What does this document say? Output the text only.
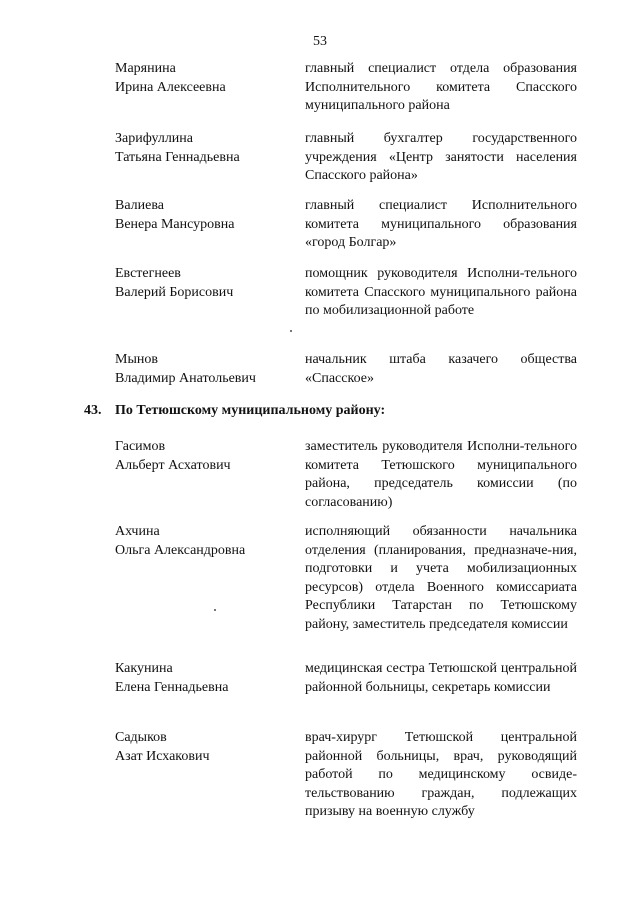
53
Марянина
Ирина Алексеевна
главный специалист отдела образования Исполнительного комитета Спасского муниципального района
Зарифуллина
Татьяна Геннадьевна
главный бухгалтер государственного учреждения «Центр занятости населения Спасского района»
Валиева
Венера Мансуровна
главный специалист Исполнительного комитета муниципального образования «город Болгар»
Евстегнеев
Валерий Борисович
помощник руководителя Исполни-тельного комитета Спасского муниципального района по мобилизационной работе
Мынов
Владимир Анатольевич
начальник штаба казачего общества «Спасское»
43. По Тетюшскому муниципальному району:
Гасимов
Альберт Асхатович
заместитель руководителя Исполни-тельного комитета Тетюшского муниципального района, председатель комиссии (по согласованию)
Ахчина
Ольга Александровна
исполняющий обязанности начальника отделения (планирования, предназначе-ния, подготовки и учета мобилизационных ресурсов) отдела Военного комиссариата Республики Татарстан по Тетюшскому району, заместитель председателя комиссии
Какунина
Елена Геннадьевна
медицинская сестра Тетюшской центральной районной больницы, секретарь комиссии
Садыков
Азат Исхакович
врач-хирург Тетюшской центральной районной больницы, врач, руководящий работой по медицинскому освиде-тельствованию граждан, подлежащих призыву на военную службу
